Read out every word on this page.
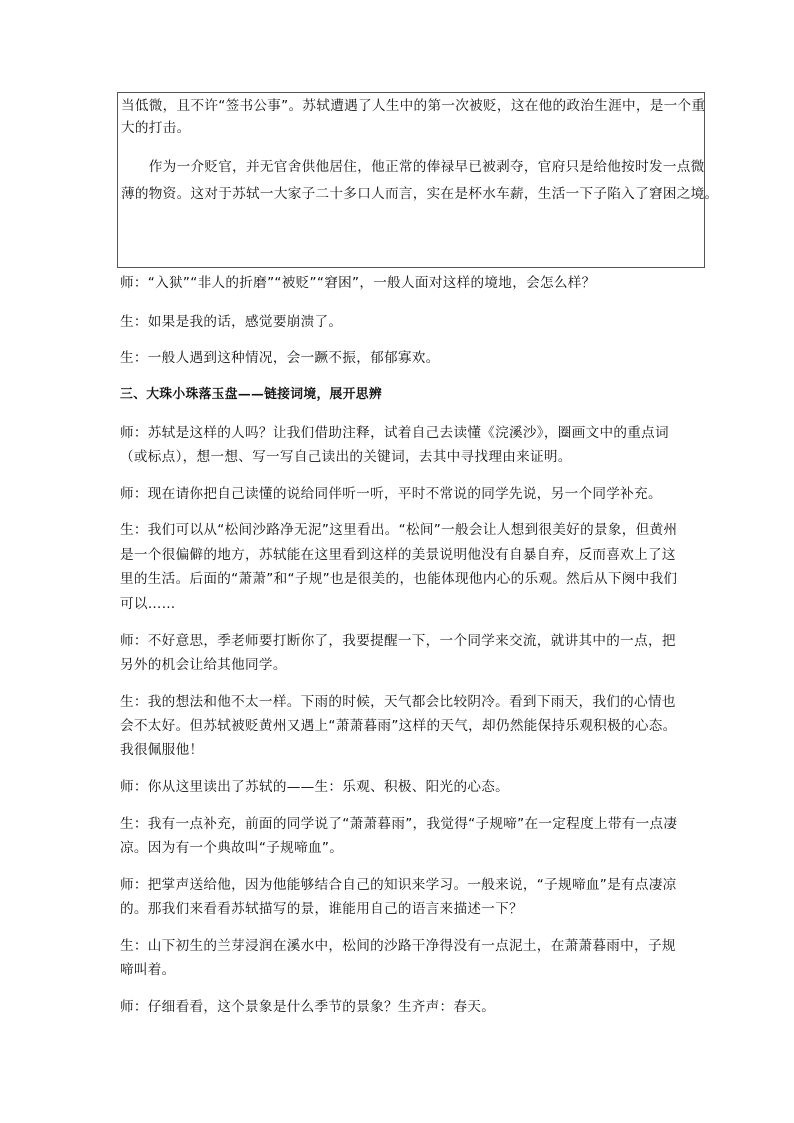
当低微，且不许“签书公事”。苏轼遭遇了人生中的第一次被贬，这在他的政治生涯中，是一个重
大的打击。
　　作为一介贬官，并无官舍供他居住，他正常的俸禄早已被剥夺，官府只是给他按时发一点微
薄的物资。这对于苏轼一大家子二十多口人而言，实在是杯水车薪，生活一下子陷入了窘困之境。
师：“入狱”“非人的折磨”“被贬”“窘困”，一般人面对这样的境地，会怎么样？
生：如果是我的话，感觉要崩溃了。
生：一般人遇到这种情况，会一蹶不振，郁郁寡欢。
三、大珠小珠落玉盘——链接词境，展开思辨
师：苏轼是这样的人吗？让我们借助注释，试着自己去读懂《浣溪沙》，圈画文中的重点词
（或标点），想一想、写一写自己读出的关键词，去其中寻找理由来证明。
师：现在请你把自己读懂的说给同伴听一听，平时不常说的同学先说，另一个同学补充。
生：我们可以从“松间沙路净无泥”这里看出。“松间”一般会让人想到很美好的景象，但黄州
是一个很偏僻的地方，苏轼能在这里看到这样的美景说明他没有自暴自弃，反而喜欢上了这
里的生活。后面的“萧萧”和“子规”也是很美的，也能体现他内心的乐观。然后从下阕中我们
可以……
师：不好意思，季老师要打断你了，我要提醒一下，一个同学来交流，就讲其中的一点，把
另外的机会让给其他同学。
生：我的想法和他不太一样。下雨的时候，天气都会比较阴冷。看到下雨天，我们的心情也
会不太好。但苏轼被贬黄州又遇上“萧萧暮雨”这样的天气，却仍然能保持乐观积极的心态。
我很佩服他！
师：你从这里读出了苏轼的——生：乐观、积极、阳光的心态。
生：我有一点补充，前面的同学说了“萧萧暮雨”，我觉得“子规啼”在一定程度上带有一点凄
凉。因为有一个典故叫“子规啼血”。
师：把掌声送给他，因为他能够结合自己的知识来学习。一般来说，“子规啼血”是有点凄凉
的。那我们来看看苏轼描写的景，谁能用自己的语言来描述一下？
生：山下初生的兰芽浸润在溪水中，松间的沙路干净得没有一点泥土，在萧萧暮雨中，子规
啼叫着。
师：仔细看看，这个景象是什么季节的景象？生齐声：春天。
